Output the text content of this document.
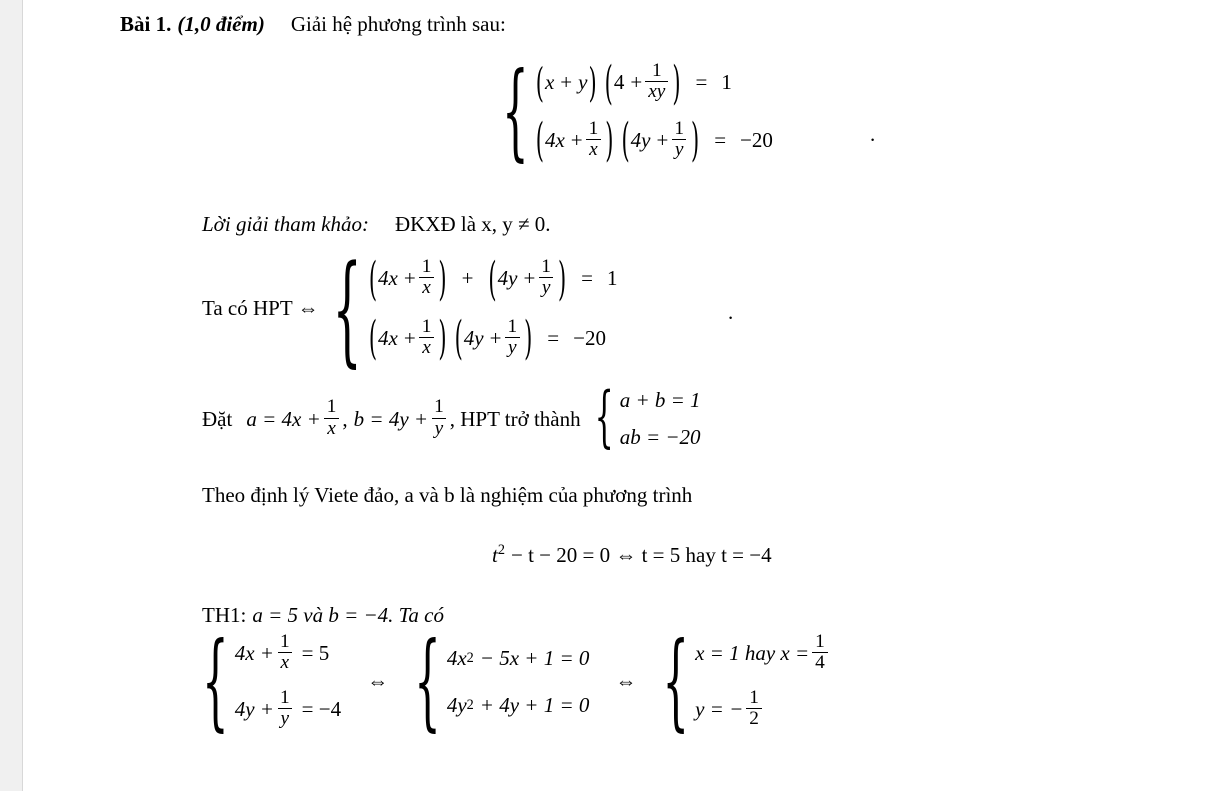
Bài 1. (1,0 điểm) Giải hệ phương trình sau:
{ ( x + y ) ( $4 + \frac{1}{xy}$ ) = 1
( $4x + \frac{1}{x}$ ) ( $4y + \frac{1}{y}$ ) = −20	.
Lời giải tham khảo: ĐKXĐ là x, y ≠ 0.
Ta có HPT ⇔ { ( $4x + \frac{1}{x}$ ) + ( $4y + \frac{1}{y}$ ) = 1
( $4x + \frac{1}{x}$ ) ( $4y + \frac{1}{y}$ ) = −20
.
Đặt $a = 4x + \frac{1}{x}$ , $b = 4y + \frac{1}{y}$ , HPT trở thành { a + b = 1
ab = −20
Theo định lý Viete đảo, a và b là nghiệm của phương trình
$t^2 - t - 20 = 0$ ⇔ t = 5 hay t = −4
TH1: a = 5 và b = −4. Ta có
{ $4x + \frac{1}{x} = 5$
$4y + \frac{1}{y} = -4$
⇔ { 4x 2 − 5x + 1 = 0
4y 2 + 4y + 1 = 0
⇔ { x = 1 hay $x = \frac{1}{4}$
y = − $\frac{1}{2}$
